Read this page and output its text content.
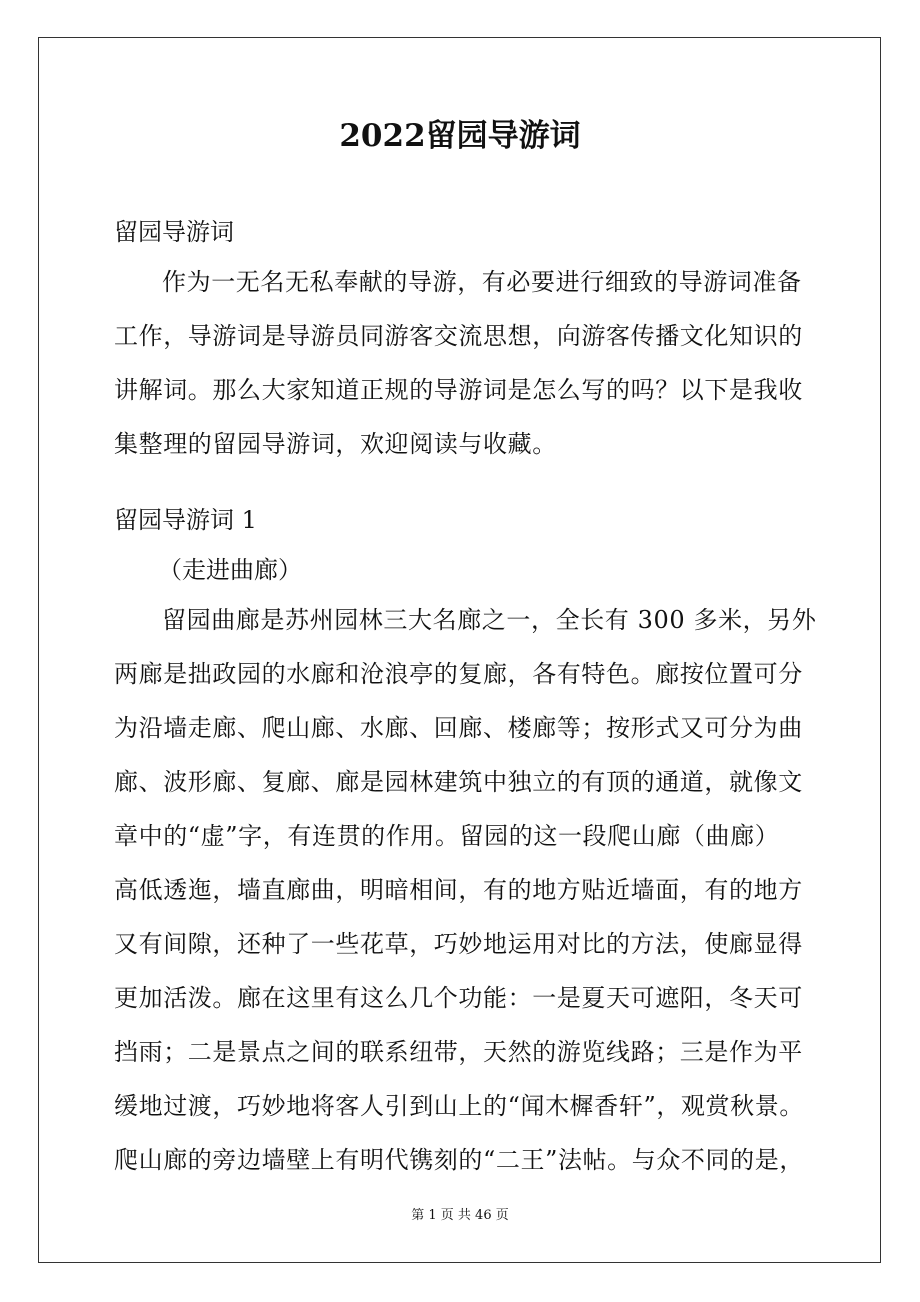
2022留园导游词

留园导游词

作为一无名无私奉献的导游，有必要进行细致的导游词准备
工作，导游词是导游员同游客交流思想，向游客传播文化知识的
讲解词。那么大家知道正规的导游词是怎么写的吗？以下是我收
集整理的留园导游词，欢迎阅读与收藏。

留园导游词 1

（走进曲廊）

留园曲廊是苏州园林三大名廊之一，全长有 300 多米，另外
两廊是拙政园的水廊和沧浪亭的复廊，各有特色。廊按位置可分
为沿墙走廊、爬山廊、水廊、回廊、楼廊等；按形式又可分为曲
廊、波形廊、复廊、廊是园林建筑中独立的有顶的通道，就像文
章中的“虚”字，有连贯的作用。留园的这一段爬山廊（曲廊）
高低透迤，墙直廊曲，明暗相间，有的地方贴近墙面，有的地方
又有间隙，还种了一些花草，巧妙地运用对比的方法，使廊显得
更加活泼。廊在这里有这么几个功能：一是夏天可遮阳，冬天可
挡雨；二是景点之间的联系纽带，天然的游览线路；三是作为平
缓地过渡，巧妙地将客人引到山上的“闻木樨香轩”，观赏秋景。
爬山廊的旁边墙壁上有明代镌刻的“二王”法帖。与众不同的是，
第 1 页 共 46 页
